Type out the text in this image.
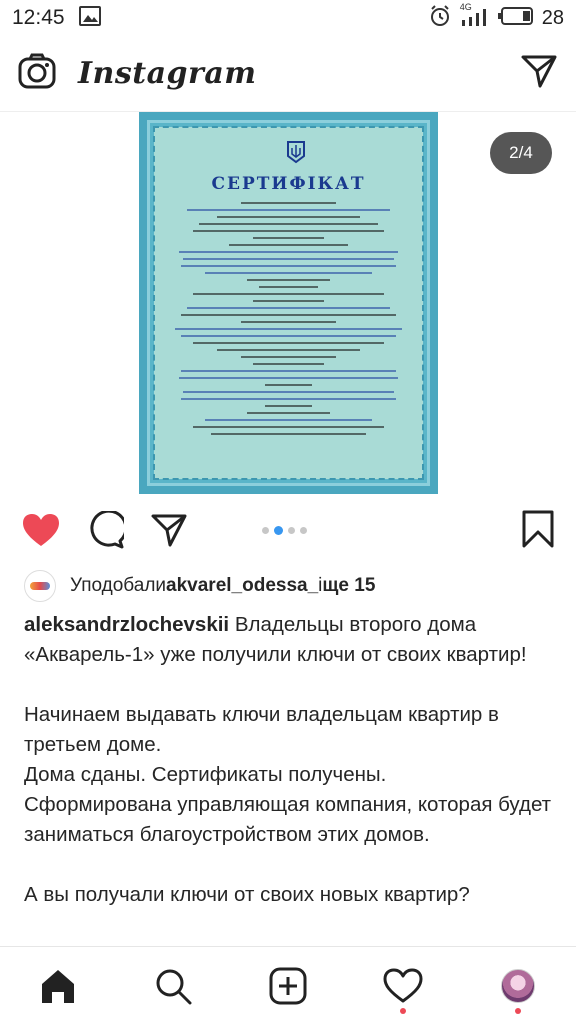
12:45	4G	28
Instagram
СЕРТИФІКАТ
2/4
Уподобали akvarel_odessa_ і ще 15

aleksandrzlochevskii Владельцы второго дома «Акварель-1» уже получили ключи от своих квартир!

Начинаем выдавать ключи владельцам квартир в третьем доме.

Дома сданы. Сертификаты получены.

Сформирована управляющая компания, которая будет заниматься благоустройством этих домов.

А вы получали ключи от своих новых квартир?
